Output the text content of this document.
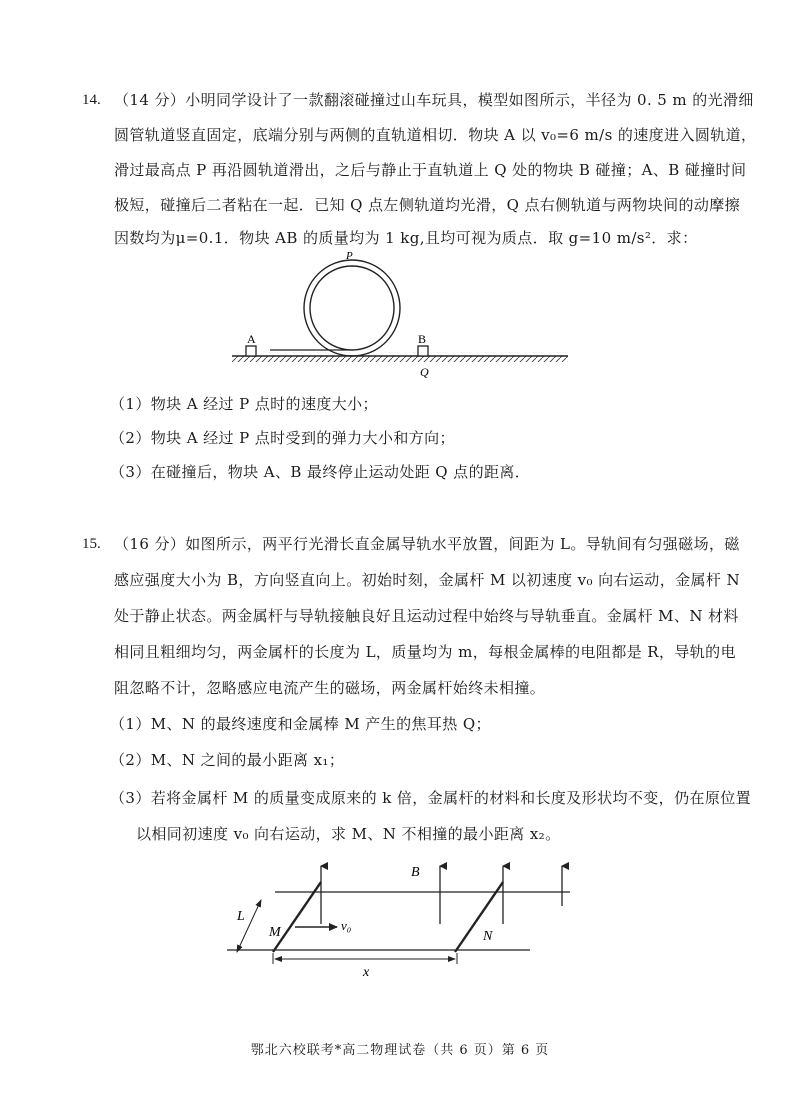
14. （14 分）小明同学设计了一款翻滚碰撞过山车玩具，模型如图所示，半径为 0. 5 m 的光滑细
圆管轨道竖直固定，底端分别与两侧的直轨道相切．物块 A 以 v₀=6 m/s 的速度进入圆轨道，
滑过最高点 P 再沿圆轨道滑出，之后与静止于直轨道上 Q 处的物块 B 碰撞；A、B 碰撞时间
极短，碰撞后二者粘在一起．已知 Q 点左侧轨道均光滑，Q 点右侧轨道与两物块间的动摩擦
因数均为μ=0.1．物块 AB 的质量均为 1 kg,且均可视为质点．取 g=10 m/s²．求：
P
A	B
Q
（1）物块 A 经过 P 点时的速度大小；
（2）物块 A 经过 P 点时受到的弹力大小和方向；
（3）在碰撞后，物块 A、B 最终停止运动处距 Q 点的距离．
15. （16 分）如图所示，两平行光滑长直金属导轨水平放置，间距为 L。导轨间有匀强磁场，磁
感应强度大小为 B，方向竖直向上。初始时刻，金属杆 M 以初速度 v₀ 向右运动，金属杆 N
处于静止状态。两金属杆与导轨接触良好且运动过程中始终与导轨垂直。金属杆 M、N 材料
相同且粗细均匀，两金属杆的长度为 L，质量均为 m，每根金属棒的电阻都是 R，导轨的电
阻忽略不计，忽略感应电流产生的磁场，两金属杆始终未相撞。
（1）M、N 的最终速度和金属棒 M 产生的焦耳热 Q；
（2）M、N 之间的最小距离 x₁；
（3）若将金属杆 M 的质量变成原来的 k 倍，金属杆的材料和长度及形状均不变，仍在原位置
以相同初速度 v₀ 向右运动，求 M、N 不相撞的最小距离 x₂。
B
L
M	N
v₀
x
鄂北六校联考*高二物理试卷（共 6 页）第 6 页
